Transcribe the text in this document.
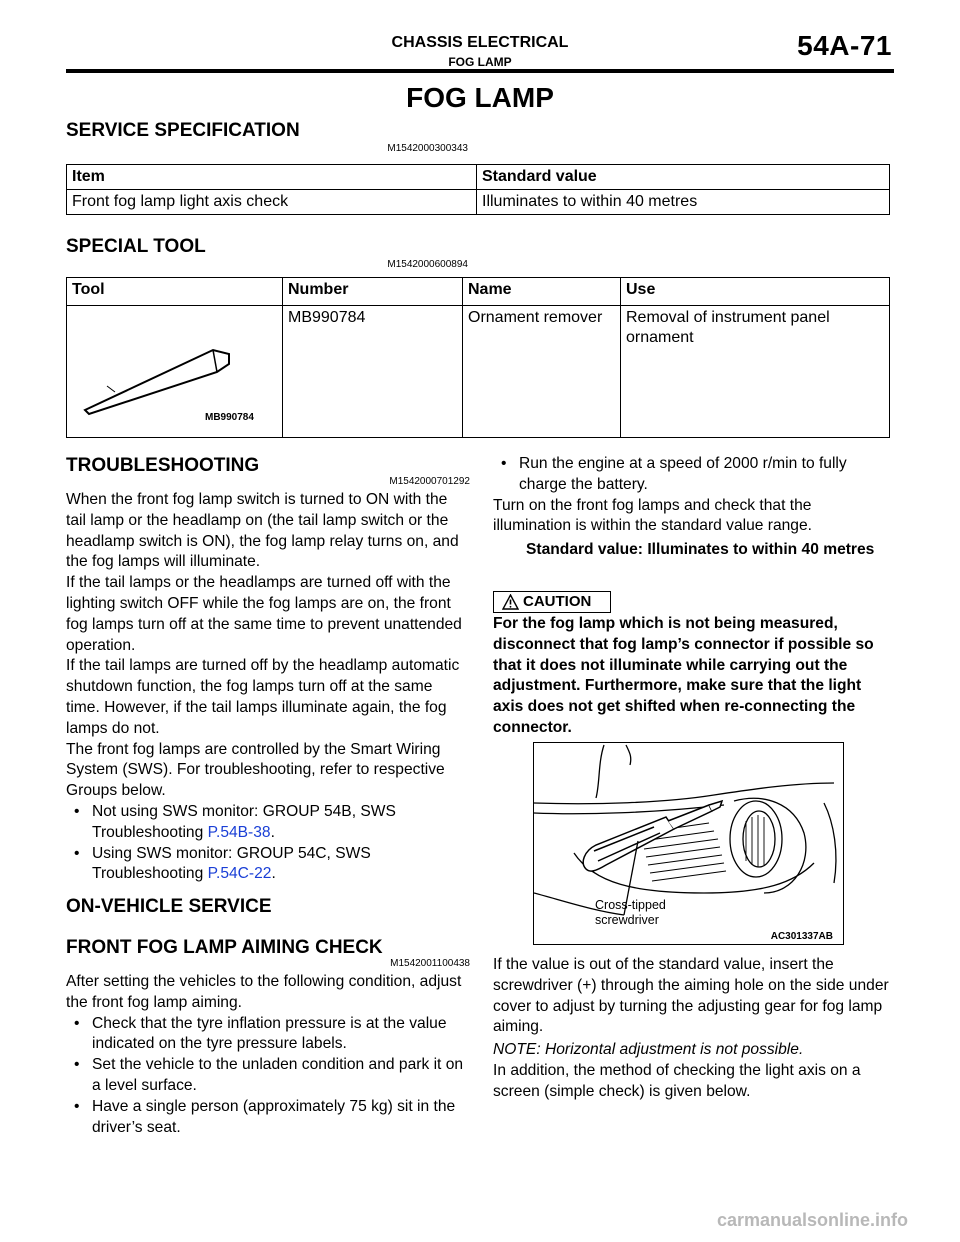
CHASSIS ELECTRICAL
FOG LAMP
54A-71
FOG LAMP
SERVICE SPECIFICATION
M1542000300343
Item	Standard value
Front fog lamp light axis check	Illuminates to within 40 metres
SPECIAL TOOL
M1542000600894
Tool	Number	Name	Use

MB990784	MB990784	Ornament remover	Removal of instrument panel ornament
TROUBLESHOOTING
M1542000701292

When the front fog lamp switch is turned to ON with the tail lamp or the headlamp on (the tail lamp switch or the headlamp switch is ON), the fog lamp relay turns on, and the fog lamps will illuminate.

If the tail lamps or the headlamps are turned off with the lighting switch OFF while the fog lamps are on, the front fog lamps turn off at the same time to prevent unattended operation.

If the tail lamps are turned off by the headlamp automatic shutdown function, the fog lamps turn off at the same time. However, if the tail lamps illuminate again, the fog lamps do not.

The front fog lamps are controlled by the Smart Wiring System (SWS). For troubleshooting, refer to respective Groups below.

• Not using SWS monitor: GROUP 54B, SWS Troubleshooting P.54B-38.
• Using SWS monitor: GROUP 54C, SWS Troubleshooting P.54C-22.
ON-VEHICLE SERVICE
FRONT FOG LAMP AIMING CHECK
M1542001100438

After setting the vehicles to the following condition, adjust the front fog lamp aiming.

• Check that the tyre inflation pressure is at the value indicated on the tyre pressure labels.
• Set the vehicle to the unladen condition and park it on a level surface.
• Have a single person (approximately 75 kg) sit in the driver’s seat.
• Run the engine at a speed of 2000 r/min to fully charge the battery.

Turn on the front fog lamps and check that the illumination is within the standard value range.

Standard value: Illuminates to within 40 metres
CAUTION
For the fog lamp which is not being measured, disconnect that fog lamp’s connector if possible so that it does not illuminate while carrying out the adjustment. Furthermore, make sure that the light axis does not get shifted when re-connecting the connector.
Cross-tipped
screwdriver
AC301337AB
If the value is out of the standard value, insert the screwdriver (+) through the aiming hole on the side under cover to adjust by turning the adjusting gear for fog lamp aiming.
NOTE: Horizontal adjustment is not possible.
In addition, the method of checking the light axis on a screen (simple check) is given below.
carmanualsonline.info
